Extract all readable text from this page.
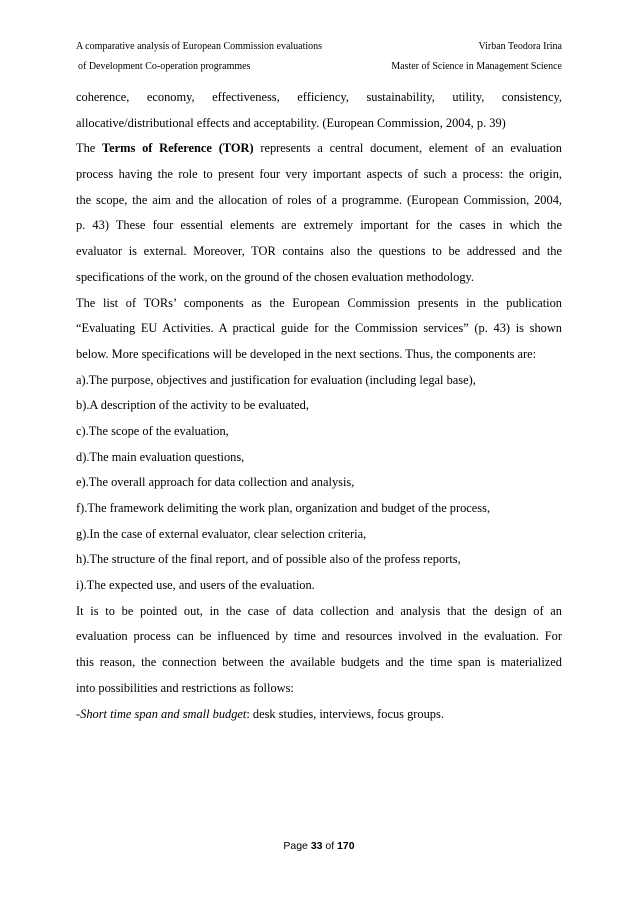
A comparative analysis of European Commission evaluations	Virban Teodora Irina
of Development Co-operation programmes	Master of Science in Management Science
coherence, economy, effectiveness, efficiency, sustainability, utility, consistency,
allocative/distributional effects and acceptability. (European Commission, 2004, p. 39)
The Terms of Reference (TOR) represents a central document, element of an evaluation
process having the role to present four very important aspects of such a process: the origin,
the scope, the aim and the allocation of roles of a programme. (European Commission, 2004,
p. 43) These four essential elements are extremely important for the cases in which the
evaluator is external. Moreover, TOR contains also the questions to be addressed and the
specifications of the work, on the ground of the chosen evaluation methodology.
The list of TORs’ components as the European Commission presents in the publication
“Evaluating EU Activities. A practical guide for the Commission services” (p. 43) is shown
below. More specifications will be developed in the next sections. Thus, the components are:
a).The purpose, objectives and justification for evaluation (including legal base),
b).A description of the activity to be evaluated,
c).The scope of the evaluation,
d).The main evaluation questions,
e).The overall approach for data collection and analysis,
f).The framework delimiting the work plan, organization and budget of the process,
g).In the case of external evaluator, clear selection criteria,
h).The structure of the final report, and of possible also of the profess reports,
i).The expected use, and users of the evaluation.
It is to be pointed out, in the case of data collection and analysis that the design of an
evaluation process can be influenced by time and resources involved in the evaluation. For
this reason, the connection between the available budgets and the time span is materialized
into possibilities and restrictions as follows:
-Short time span and small budget: desk studies, interviews, focus groups.
Page 33 of 170
